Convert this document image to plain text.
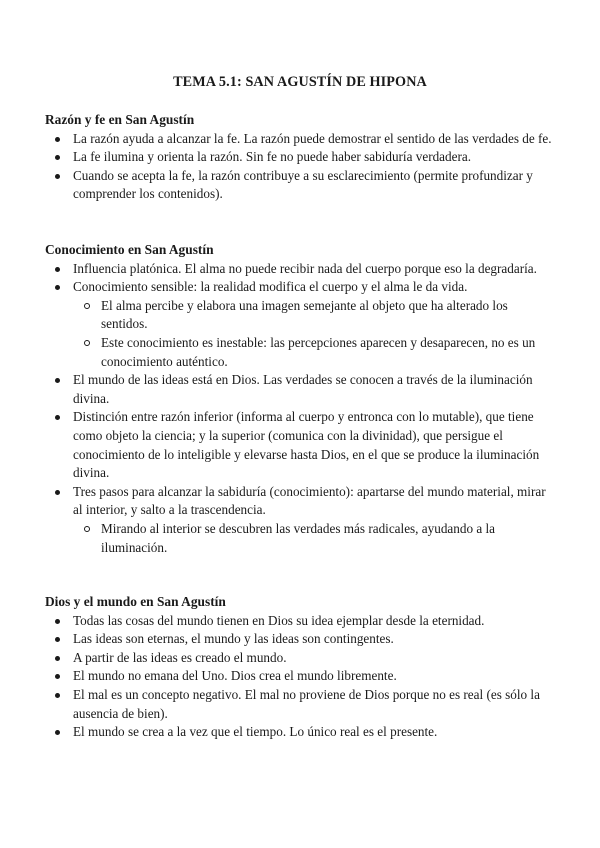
TEMA 5.1: SAN AGUSTÍN DE HIPONA
Razón y fe en San Agustín
La razón ayuda a alcanzar la fe. La razón puede demostrar el sentido de las verdades de fe.
La fe ilumina y orienta la razón. Sin fe no puede haber sabiduría verdadera.
Cuando se acepta la fe, la razón contribuye a su esclarecimiento (permite profundizar y comprender los contenidos).
Conocimiento en San Agustín
Influencia platónica. El alma no puede recibir nada del cuerpo porque eso la degradaría.
Conocimiento sensible: la realidad modifica el cuerpo y el alma le da vida.
El alma percibe y elabora una imagen semejante al objeto que ha alterado los sentidos.
Este conocimiento es inestable: las percepciones aparecen y desaparecen, no es un conocimiento auténtico.
El mundo de las ideas está en Dios. Las verdades se conocen a través de la iluminación divina.
Distinción entre razón inferior (informa al cuerpo y entronca con lo mutable), que tiene como objeto la ciencia; y la superior (comunica con la divinidad), que persigue el conocimiento de lo inteligible y elevarse hasta Dios, en el que se produce la iluminación divina.
Tres pasos para alcanzar la sabiduría (conocimiento): apartarse del mundo material, mirar al interior, y salto a la trascendencia.
Mirando al interior se descubren las verdades más radicales, ayudando a la iluminación.
Dios y el mundo en San Agustín
Todas las cosas del mundo tienen en Dios su idea ejemplar desde la eternidad.
Las ideas son eternas, el mundo y las ideas son contingentes.
A partir de las ideas es creado el mundo.
El mundo no emana del Uno. Dios crea el mundo libremente.
El mal es un concepto negativo. El mal no proviene de Dios porque no es real (es sólo la ausencia de bien).
El mundo se crea a la vez que el tiempo. Lo único real es el presente.
